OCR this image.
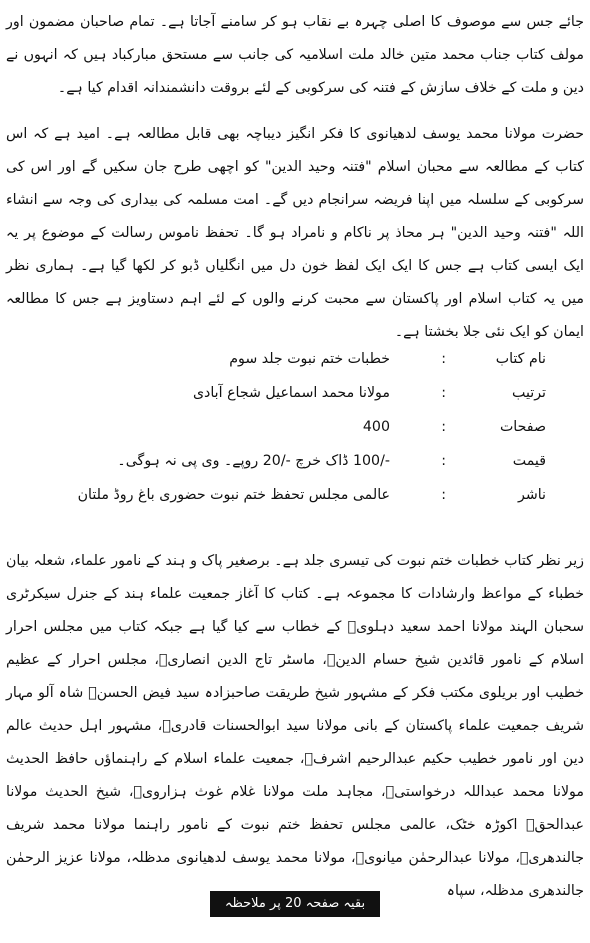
جائے جس سے موصوف کا اصلی چہرہ بے نقاب ہو کر سامنے آجاتا ہے۔ تمام صاحبان مضمون اور مولف کتاب جناب محمد متین خالد ملت اسلامیہ کی جانب سے مستحق مبارکباد ہیں کہ انہوں نے دین و ملت کے خلاف سازش کے فتنہ کی سرکوبی کے لئے بروقت دانشمندانہ اقدام کیا ہے۔

حضرت مولانا محمد یوسف لدھیانوی کا فکر انگیز دیباچہ بھی قابل مطالعہ ہے۔ امید ہے کہ اس کتاب کے مطالعہ سے محبان اسلام "فتنہ وحید الدین" کو اچھی طرح جان سکیں گے اور اس کی سرکوبی کے سلسلہ میں اپنا فریضہ سرانجام دیں گے۔ امت مسلمہ کی بیداری کی وجہ سے انشاء اللہ "فتنہ وحید الدین" ہر محاذ پر ناکام و نامراد ہو گا۔ تحفظ ناموس رسالت کے موضوع پر یہ ایک ایسی کتاب ہے جس کا ایک ایک لفظ خون دل میں انگلیاں ڈبو کر لکھا گیا ہے۔ ہماری نظر میں یہ کتاب اسلام اور پاکستان سے محبت کرنے والوں کے لئے اہم دستاویز ہے جس کا مطالعہ ایمان کو ایک نئی جلا بخشتا ہے۔

نام کتاب
:
خطبات ختم نبوت جلد سوم
ترتیب
:
مولانا محمد اسماعیل شجاع آبادی
صفحات
:
400
قیمت
:
-/100 ڈاک خرچ -/20 روپے۔ وی پی نہ ہوگی۔
ناشر
:
عالمی مجلس تحفظ ختم نبوت حضوری باغ روڈ ملتان

زیر نظر کتاب خطبات ختم نبوت کی تیسری جلد ہے۔ برصغیر پاک و ہند کے نامور علماء، شعلہ بیان خطباء کے مواعظ وارشادات کا مجموعہ ہے۔ کتاب کا آغاز جمعیت علماء ہند کے جنرل سیکرٹری سحبان الہند مولانا احمد سعید دہلویؒ کے خطاب سے کیا گیا ہے جبکہ کتاب میں مجلس احرار اسلام کے نامور قائدین شیخ حسام الدینؒ، ماسٹر تاج الدین انصاریؒ، مجلس احرار کے عظیم خطیب اور بریلوی مکتب فکر کے مشہور شیخ طریقت صاحبزادہ سید فیض الحسنؒ شاہ آلو مہار شریف جمعیت علماء پاکستان کے بانی مولانا سید ابوالحسنات قادریؒ، مشہور اہل حدیث عالم دین اور نامور خطیب حکیم عبدالرحیم اشرفؒ، جمعیت علماء اسلام کے راہنماؤں حافظ الحدیث مولانا محمد عبداللہ درخواستیؒ، مجاہد ملت مولانا غلام غوث ہزارویؒ، شیخ الحدیث مولانا عبدالحقؒ اکوڑہ خٹک، عالمی مجلس تحفظ ختم نبوت کے نامور راہنما مولانا محمد شریف جالندھریؒ، مولانا عبدالرحمٰن میانویؒ، مولانا محمد یوسف لدھیانوی مدظلہ، مولانا عزیز الرحمٰن جالندھری مدظلہ، سپاہ

بقیہ صفحہ 20 پر ملاحظہ فرمائیں
